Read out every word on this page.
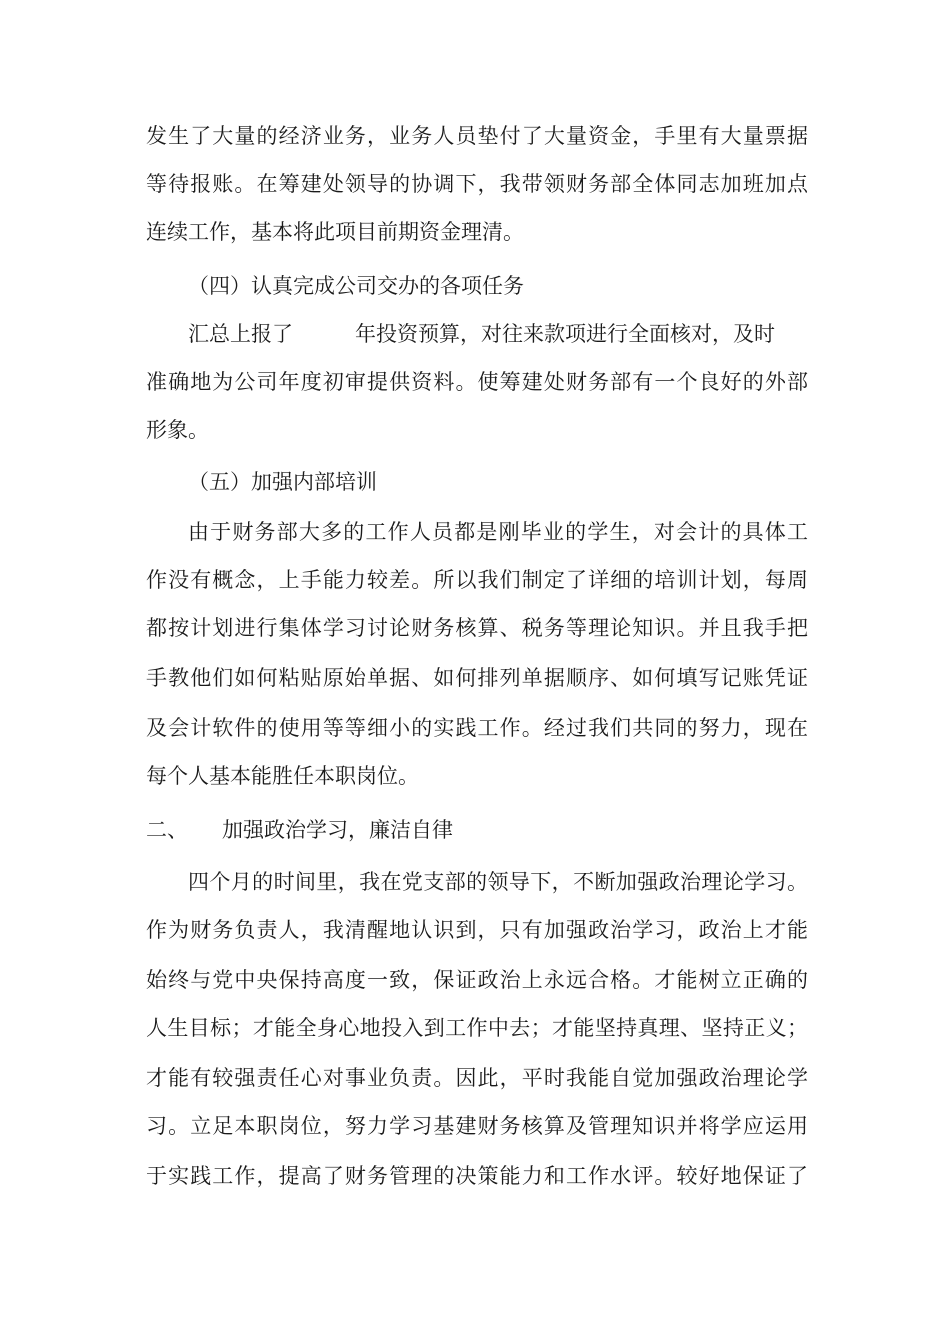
发生了大量的经济业务，业务人员垫付了大量资金，手里有大量票据
等待报账。在筹建处领导的协调下，我带领财务部全体同志加班加点
连续工作，基本将此项目前期资金理清。
（四）认真完成公司交办的各项任务
汇总上报了	年投资预算，对往来款项进行全面核对，及时
准确地为公司年度初审提供资料。使筹建处财务部有一个良好的外部
形象。
（五）加强内部培训
由于财务部大多的工作人员都是刚毕业的学生，对会计的具体工
作没有概念，上手能力较差。所以我们制定了详细的培训计划，每周
都按计划进行集体学习讨论财务核算、税务等理论知识。并且我手把
手教他们如何粘贴原始单据、如何排列单据顺序、如何填写记账凭证
及会计软件的使用等等细小的实践工作。经过我们共同的努力，现在
每个人基本能胜任本职岗位。
二、 加强政治学习，廉洁自律
四个月的时间里，我在党支部的领导下，不断加强政治理论学习。
作为财务负责人，我清醒地认识到，只有加强政治学习，政治上才能
始终与党中央保持高度一致，保证政治上永远合格。才能树立正确的
人生目标；才能全身心地投入到工作中去；才能坚持真理、坚持正义；
才能有较强责任心对事业负责。因此，平时我能自觉加强政治理论学
习。立足本职岗位，努力学习基建财务核算及管理知识并将学应运用
于实践工作，提高了财务管理的决策能力和工作水评。较好地保证了
